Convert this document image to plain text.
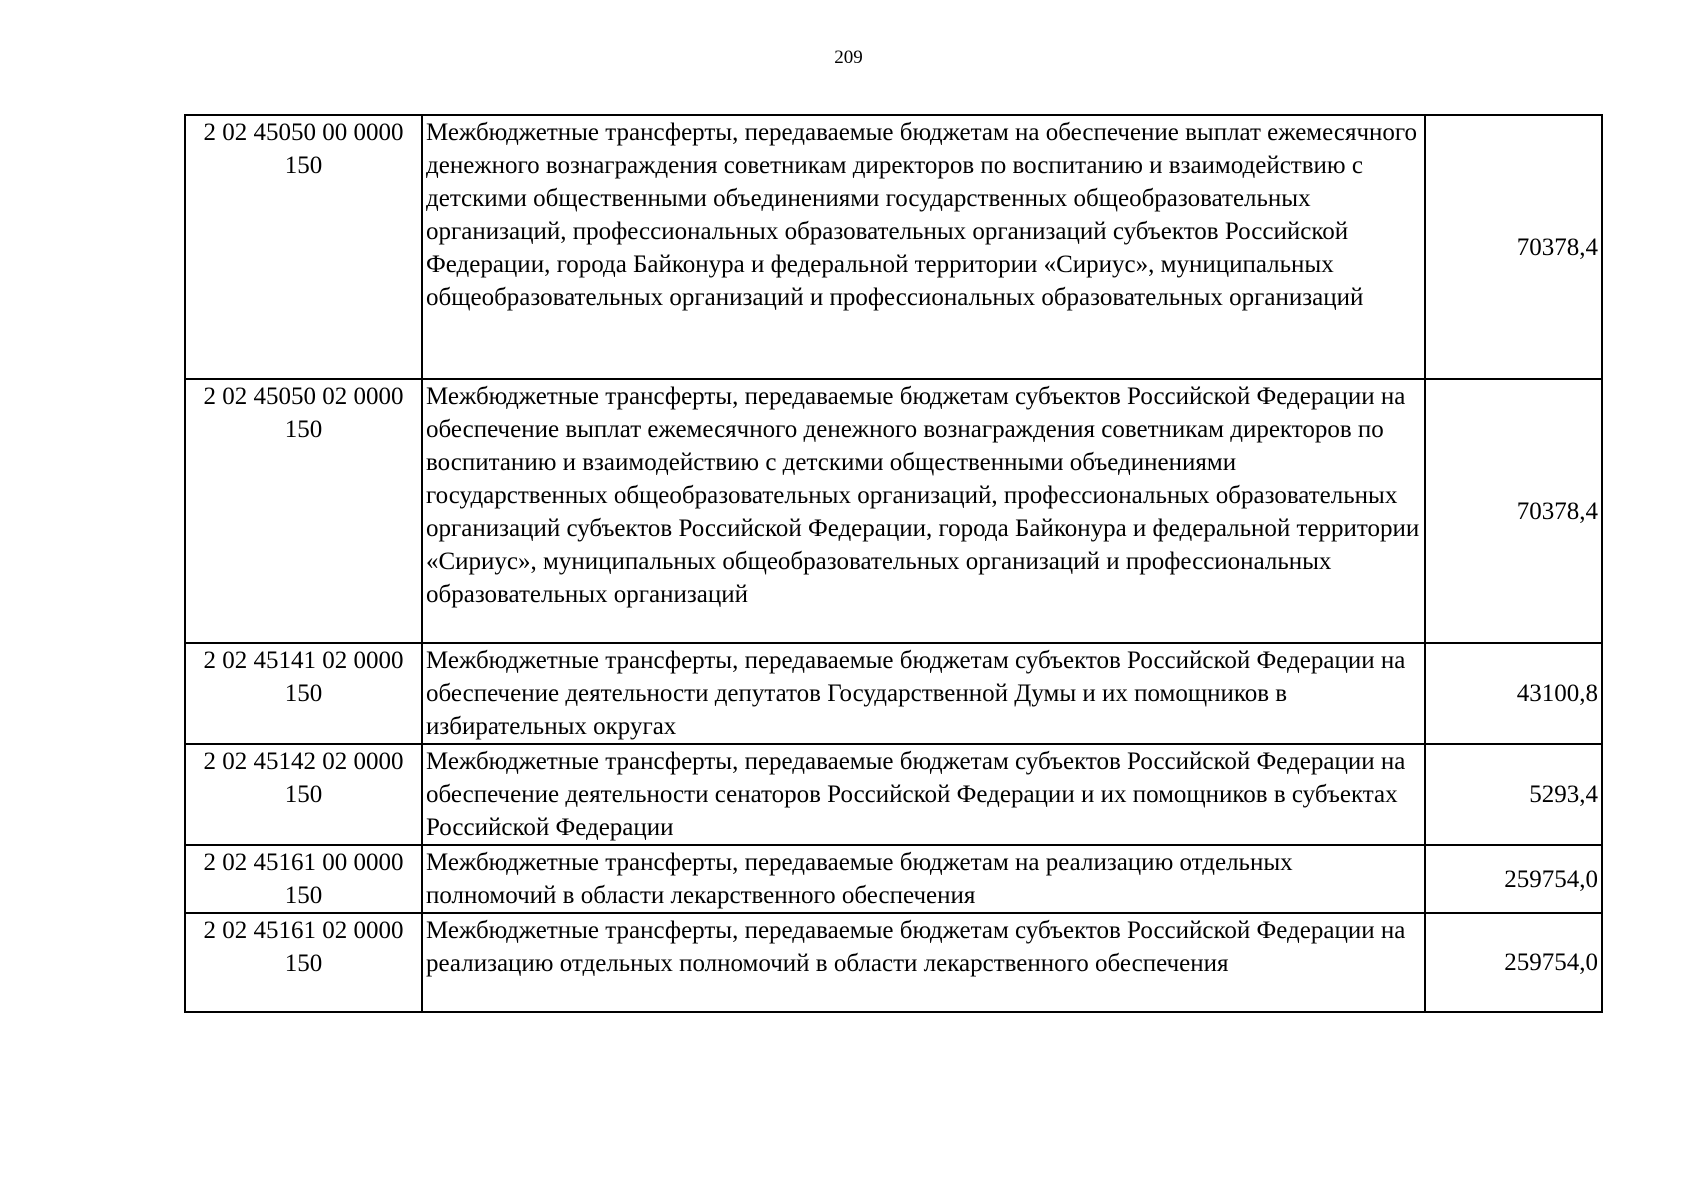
209
2 02 45050 00 0000 150	Межбюджетные трансферты, передаваемые бюджетам на обеспечение выплат ежемесячного денежного вознаграждения советникам директоров по воспитанию и взаимодействию с детскими общественными объединениями государственных общеобразовательных организаций, профессиональных образовательных организаций субъектов Российской Федерации, города Байконура и федеральной территории «Сириус», муниципальных общеобразовательных организаций и профессиональных образовательных организаций	70378,4
2 02 45050 02 0000 150	Межбюджетные трансферты, передаваемые бюджетам субъектов Российской Федерации на обеспечение выплат ежемесячного денежного вознаграждения советникам директоров по воспитанию и взаимодействию с детскими общественными объединениями государственных общеобразовательных организаций, профессиональных образовательных организаций субъектов Российской Федерации, города Байконура и федеральной территории «Сириус», муниципальных общеобразовательных организаций и профессиональных образовательных организаций	70378,4
2 02 45141 02 0000 150	Межбюджетные трансферты, передаваемые бюджетам субъектов Российской Федерации на обеспечение деятельности депутатов Государственной Думы и их помощников в избирательных округах	43100,8
2 02 45142 02 0000 150	Межбюджетные трансферты, передаваемые бюджетам субъектов Российской Федерации на обеспечение деятельности сенаторов Российской Федерации и их помощников в субъектах Российской Федерации	5293,4
2 02 45161 00 0000 150	Межбюджетные трансферты, передаваемые бюджетам на реализацию отдельных полномочий в области лекарственного обеспечения	259754,0
2 02 45161 02 0000 150	Межбюджетные трансферты, передаваемые бюджетам субъектов Российской Федерации на реализацию отдельных полномочий в области лекарственного обеспечения	259754,0
